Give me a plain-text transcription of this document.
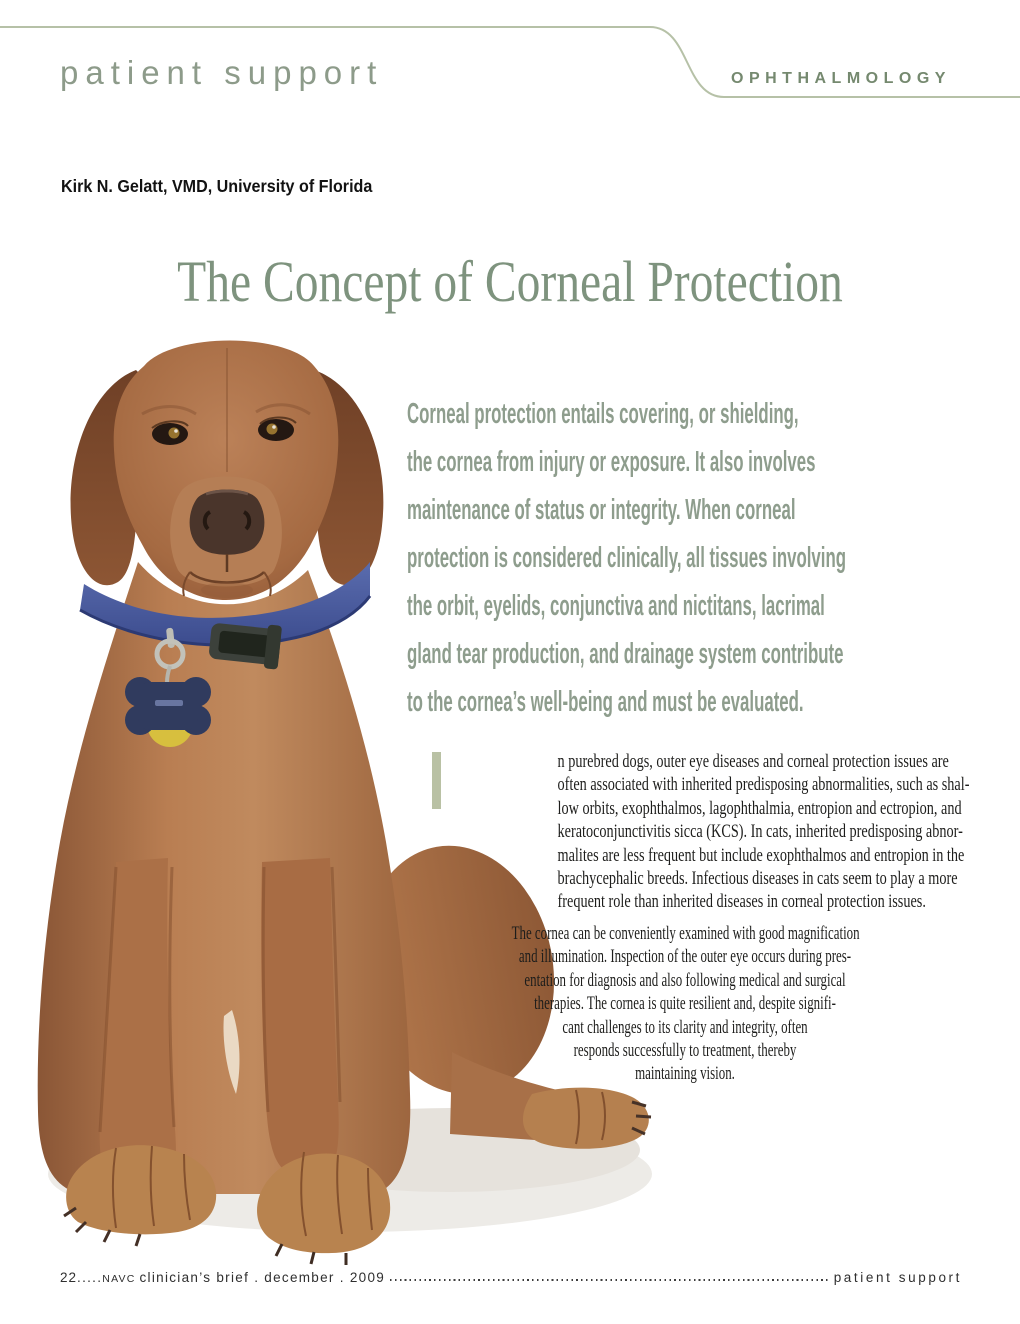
patient support	OPHTHALMOLOGY
Kirk N. Gelatt, VMD, University of Florida
The Concept of Corneal Protection
Corneal protection entails covering, or shielding,
the cornea from injury or exposure. It also involves
maintenance of status or integrity. When corneal
protection is considered clinically, all tissues involving
the orbit, eyelids, conjunctiva and nictitans, lacrimal
gland tear production, and drainage system contribute
to the cornea’s well-being and must be evaluated.
n purebred dogs, outer eye diseases and corneal protection issues are
often associated with inherited predisposing abnormalities, such as shal-
low orbits, exophthalmos, lagophthalmia, entropion and ectropion, and
keratoconjunctivitis sicca (KCS). In cats, inherited predisposing abnor-
malites are less frequent but include exophthalmos and entropion in the
brachycephalic breeds. Infectious diseases in cats seem to play a more
frequent role than inherited diseases in corneal protection issues.
The cornea can be conveniently examined with good magnification
and illumination. Inspection of the outer eye occurs during pres-
entation for diagnosis and also following medical and surgical
therapies. The cornea is quite resilient and, despite signifi-
cant challenges to its clarity and integrity, often
responds successfully to treatment, thereby
maintaining vision.
22 ..... NAVC clinician’s brief . december . 2009	patient support
